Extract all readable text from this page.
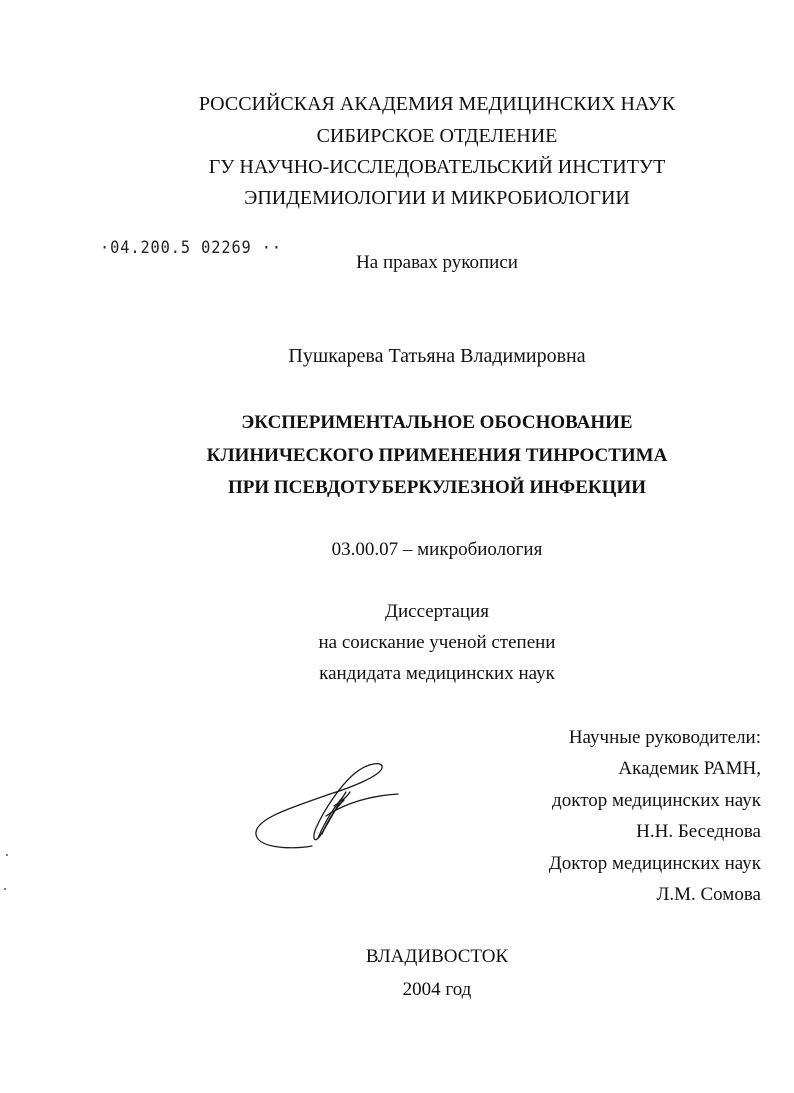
РОССИЙСКАЯ АКАДЕМИЯ МЕДИЦИНСКИХ НАУК
СИБИРСКОЕ ОТДЕЛЕНИЕ
ГУ НАУЧНО-ИССЛЕДОВАТЕЛЬСКИЙ ИНСТИТУТ
ЭПИДЕМИОЛОГИИ И МИКРОБИОЛОГИИ
·04.200.5 02269 ··
На правах рукописи
Пушкарева Татьяна Владимировна
ЭКСПЕРИМЕНТАЛЬНОЕ ОБОСНОВАНИЕ
КЛИНИЧЕСКОГО ПРИМЕНЕНИЯ ТИНРОСТИМА
ПРИ ПСЕВДОТУБЕРКУЛЕЗНОЙ ИНФЕКЦИИ
03.00.07 – микробиология
Диссертация
на соискание ученой степени
кандидата медицинских наук
Научные руководители:
Академик РАМН,
доктор медицинских наук
Н.Н. Беседнова
Доктор медицинских наук
Л.М. Сомова
ВЛАДИВОСТОК
2004 год
